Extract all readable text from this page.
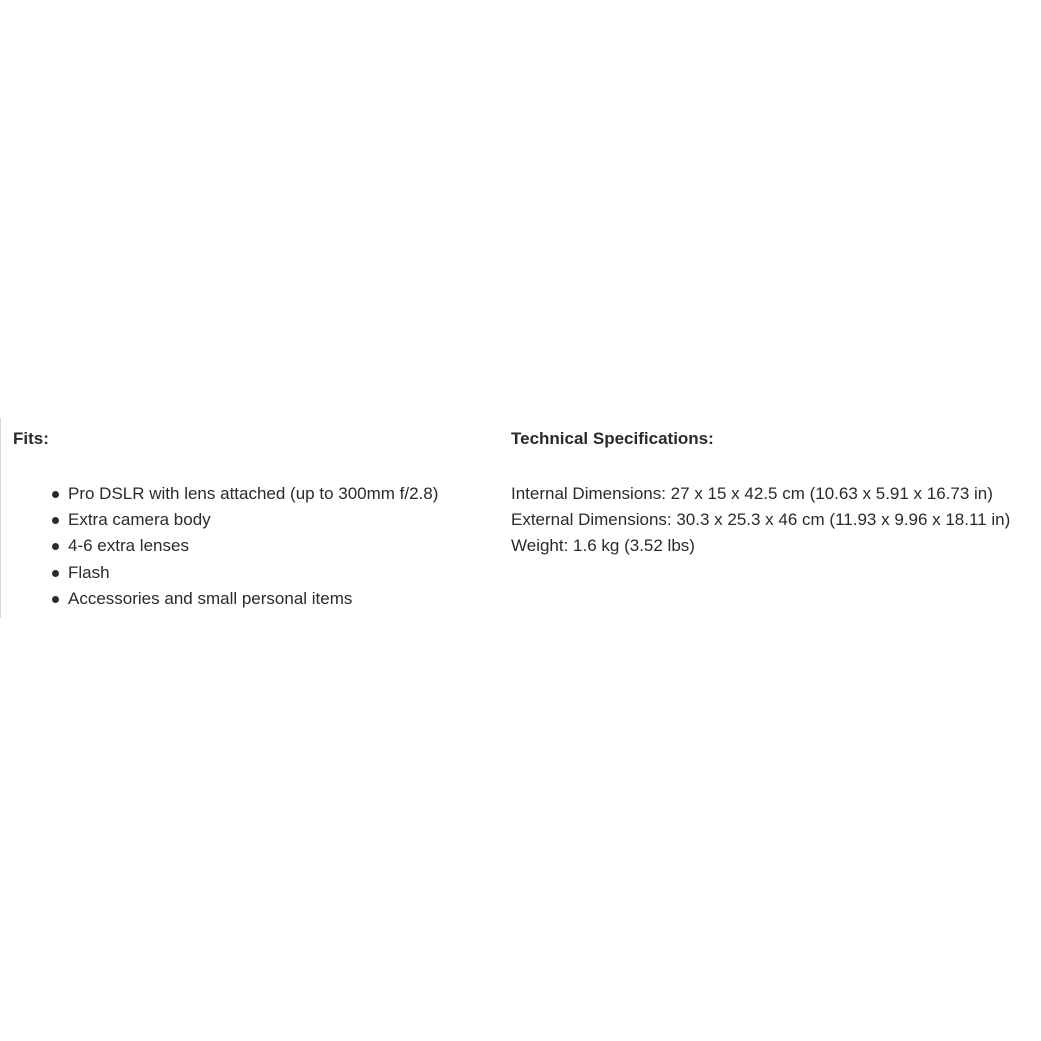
Fits:
Pro DSLR with lens attached (up to 300mm f/2.8)
Extra camera body
4-6 extra lenses
Flash
Accessories and small personal items
Technical Specifications:
Internal Dimensions: 27 x 15 x 42.5 cm (10.63 x 5.91 x 16.73 in)
External Dimensions: 30.3 x 25.3 x 46 cm (11.93 x 9.96 x 18.11 in)
Weight: 1.6 kg (3.52 lbs)
